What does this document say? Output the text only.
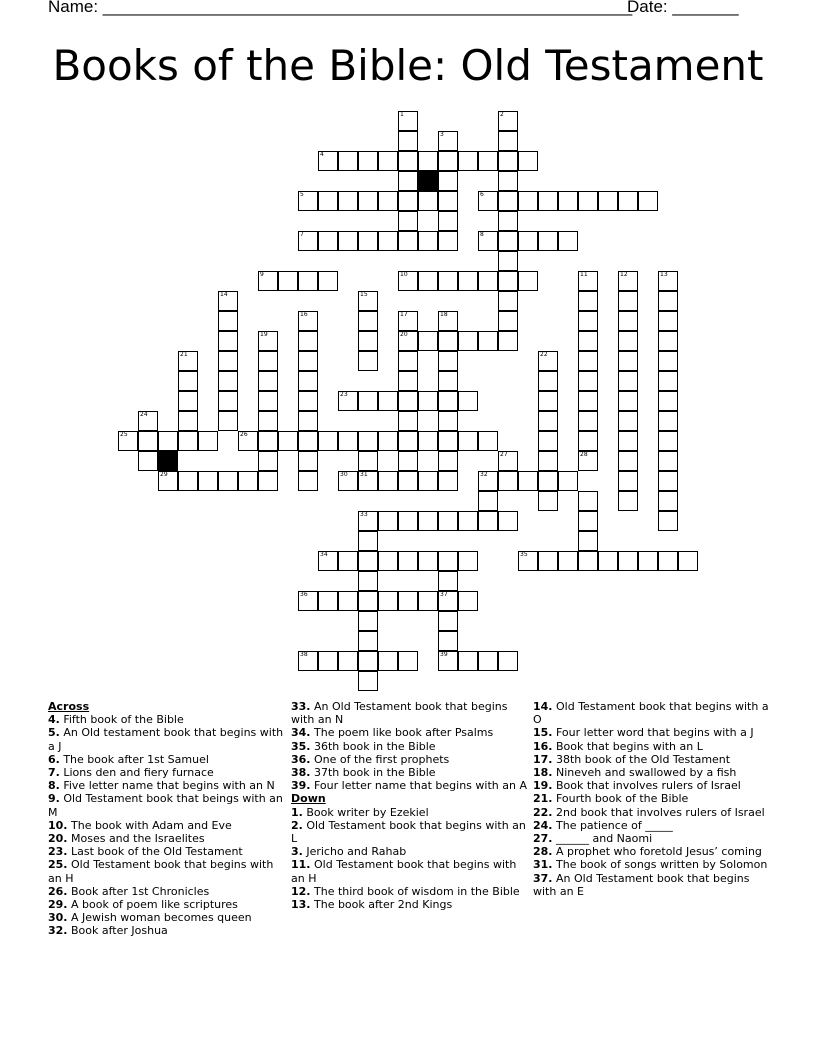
Name: ________________________________________________________
Date: _______
Books of the Bible: Old Testament
1	2
3
4
5	6
7	8
9	10	11	12	13
14	15
16	17	18
19	20
21	22
23
24
25	26
27	28
29	30 31	32
33
34	35
36	37
38	39
Across
4. Fifth book of the Bible
5. An Old testament book that begins with a J
6. The book after 1st Samuel
7. Lions den and fiery furnace
8. Five letter name that begins with an N
9. Old Testament book that beings with an M
10. The book with Adam and Eve
20. Moses and the Israelites
23. Last book of the Old Testament
25. Old Testament book that begins with an H
26. Book after 1st Chronicles
29. A book of poem like scriptures
30. A Jewish woman becomes queen
32. Book after Joshua
33. An Old Testament book that begins with an N
34. The poem like book after Psalms
35. 36th book in the Bible
36. One of the first prophets
38. 37th book in the Bible
39. Four letter name that begins with an A
Down
1. Book writer by Ezekiel
2. Old Testament book that begins with an L
3. Jericho and Rahab
11. Old Testament book that begins with an H
12. The third book of wisdom in the Bible
13. The book after 2nd Kings
14. Old Testament book that begins with a O
15. Four letter word that begins with a J
16. Book that begins with an L
17. 38th book of the Old Testament
18. Nineveh and swallowed by a fish
19. Book that involves rulers of Israel
21. Fourth book of the Bible
22. 2nd book that involves rulers of Israel
24. The patience of _____
27. ______ and Naomi
28. A prophet who foretold Jesus’ coming
31. The book of songs written by Solomon
37. An Old Testament book that begins with an E
